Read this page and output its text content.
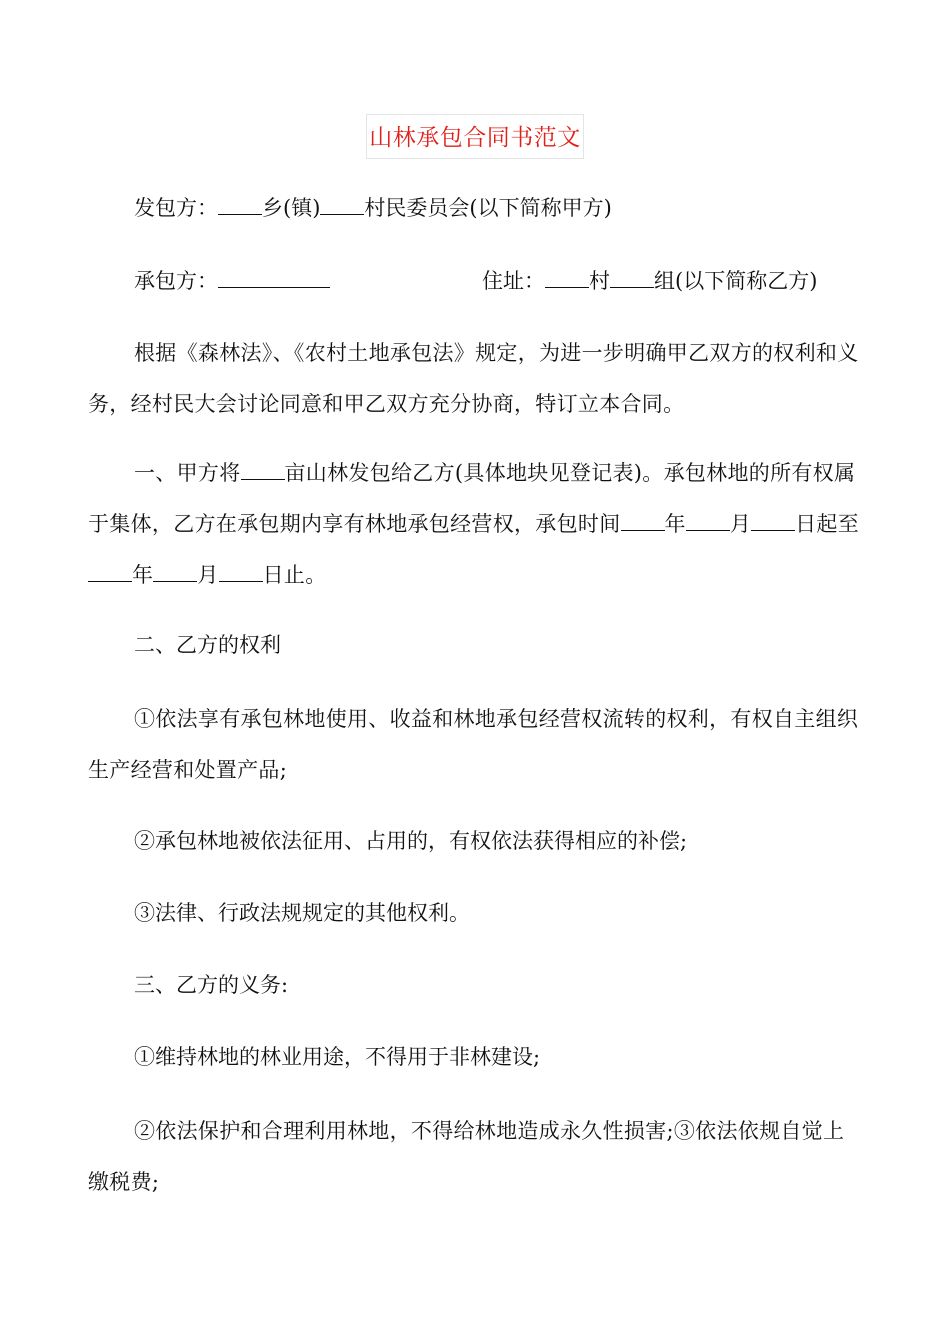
山林承包合同书范文
发包方： 乡(镇) 村民委员会(以下简称甲方)
承包方：	住址： 村 组(以下简称乙方)
根据《森林法》、《农村土地承包法》规定，为进一步明确甲乙双方的权利和义务，经村民大会讨论同意和甲乙双方充分协商，特订立本合同。
一、甲方将 亩山林发包给乙方(具体地块见登记表)。承包林地的所有权属于集体，乙方在承包期内享有林地承包经营权，承包时间 年 月 日起至年 月 日止。
二、乙方的权利
①依法享有承包林地使用、收益和林地承包经营权流转的权利，有权自主组织生产经营和处置产品;
②承包林地被依法征用、占用的，有权依法获得相应的补偿;
③法律、行政法规规定的其他权利。
三、乙方的义务:
①维持林地的林业用途，不得用于非林建设;
②依法保护和合理利用林地，不得给林地造成永久性损害;③依法依规自觉上缴税费;
